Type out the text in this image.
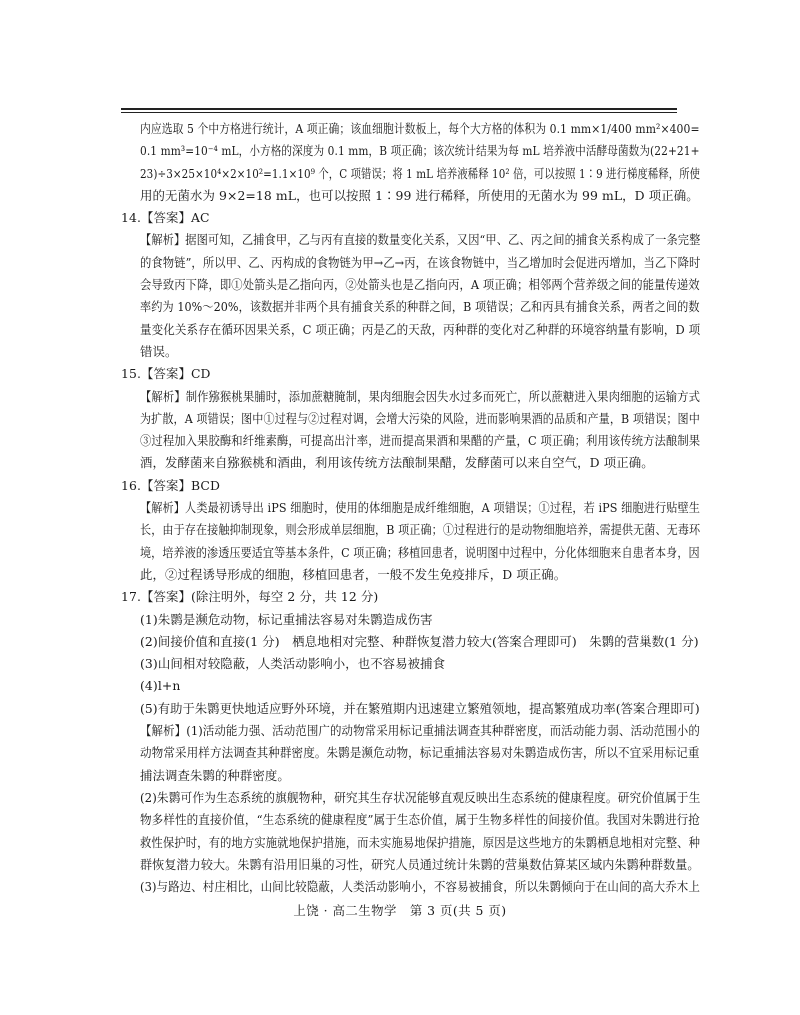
内应选取 5 个中方格进行统计，A 项正确；该血细胞计数板上，每个大方格的体积为 0.1 mm×1/400 mm²×400=
0.1 mm³=10⁻⁴ mL，小方格的深度为 0.1 mm，B 项正确；该次统计结果为每 mL 培养液中活酵母菌数为(22+21+
23)÷3×25×10⁴×2×10²=1.1×10⁹ 个，C 项错误；将 1 mL 培养液稀释 10² 倍，可以按照 1∶9 进行梯度稀释，所使
用的无菌水为 9×2=18 mL，也可以按照 1∶99 进行稀释，所使用的无菌水为 99 mL，D 项正确。
14.【答案】AC
【解析】据图可知，乙捕食甲，乙与丙有直接的数量变化关系，又因“甲、乙、丙之间的捕食关系构成了一条完整
的食物链”，所以甲、乙、丙构成的食物链为甲→乙→丙，在该食物链中，当乙增加时会促进丙增加，当乙下降时
会导致丙下降，即①处箭头是乙指向丙，②处箭头也是乙指向丙，A 项正确；相邻两个营养级之间的能量传递效
率约为 10%～20%，该数据并非两个具有捕食关系的种群之间，B 项错误；乙和丙具有捕食关系，两者之间的数
量变化关系存在循环因果关系，C 项正确；丙是乙的天敌，丙种群的变化对乙种群的环境容纳量有影响，D 项
错误。
15.【答案】CD
【解析】制作猕猴桃果脯时，添加蔗糖腌制，果肉细胞会因失水过多而死亡，所以蔗糖进入果肉细胞的运输方式
为扩散，A 项错误；图中①过程与②过程对调，会增大污染的风险，进而影响果酒的品质和产量，B 项错误；图中
③过程加入果胶酶和纤维素酶，可提高出汁率，进而提高果酒和果醋的产量，C 项正确；利用该传统方法酿制果
酒，发酵菌来自猕猴桃和酒曲，利用该传统方法酿制果醋，发酵菌可以来自空气，D 项正确。
16.【答案】BCD
【解析】人类最初诱导出 iPS 细胞时，使用的体细胞是成纤维细胞，A 项错误；①过程，若 iPS 细胞进行贴壁生
长，由于存在接触抑制现象，则会形成单层细胞，B 项正确；①过程进行的是动物细胞培养，需提供无菌、无毒环
境，培养液的渗透压要适宜等基本条件，C 项正确；移植回患者，说明图中过程中，分化体细胞来自患者本身，因
此，②过程诱导形成的细胞，移植回患者，一般不发生免疫排斥，D 项正确。
17.【答案】(除注明外，每空 2 分，共 12 分)
(1)朱鹮是濒危动物，标记重捕法容易对朱鹮造成伤害
(2)间接价值和直接(1 分)　栖息地相对完整、种群恢复潜力较大(答案合理即可)　朱鹮的营巢数(1 分)
(3)山间相对较隐蔽，人类活动影响小，也不容易被捕食
(4)l+n
(5)有助于朱鹮更快地适应野外环境，并在繁殖期内迅速建立繁殖领地，提高繁殖成功率(答案合理即可)
【解析】(1)活动能力强、活动范围广的动物常采用标记重捕法调查其种群密度，而活动能力弱、活动范围小的
动物常采用样方法调查其种群密度。朱鹮是濒危动物，标记重捕法容易对朱鹮造成伤害，所以不宜采用标记重
捕法调查朱鹮的种群密度。
(2)朱鹮可作为生态系统的旗舰物种，研究其生存状况能够直观反映出生态系统的健康程度。研究价值属于生
物多样性的直接价值，“生态系统的健康程度”属于生态价值，属于生物多样性的间接价值。我国对朱鹮进行抢
救性保护时，有的地方实施就地保护措施，而未实施易地保护措施，原因是这些地方的朱鹮栖息地相对完整、种
群恢复潜力较大。朱鹮有沿用旧巢的习性，研究人员通过统计朱鹮的营巢数估算某区域内朱鹮种群数量。
(3)与路边、村庄相比，山间比较隐蔽，人类活动影响小，不容易被捕食，所以朱鹮倾向于在山间的高大乔木上
上饶 · 高二生物学　第 3 页(共 5 页)
